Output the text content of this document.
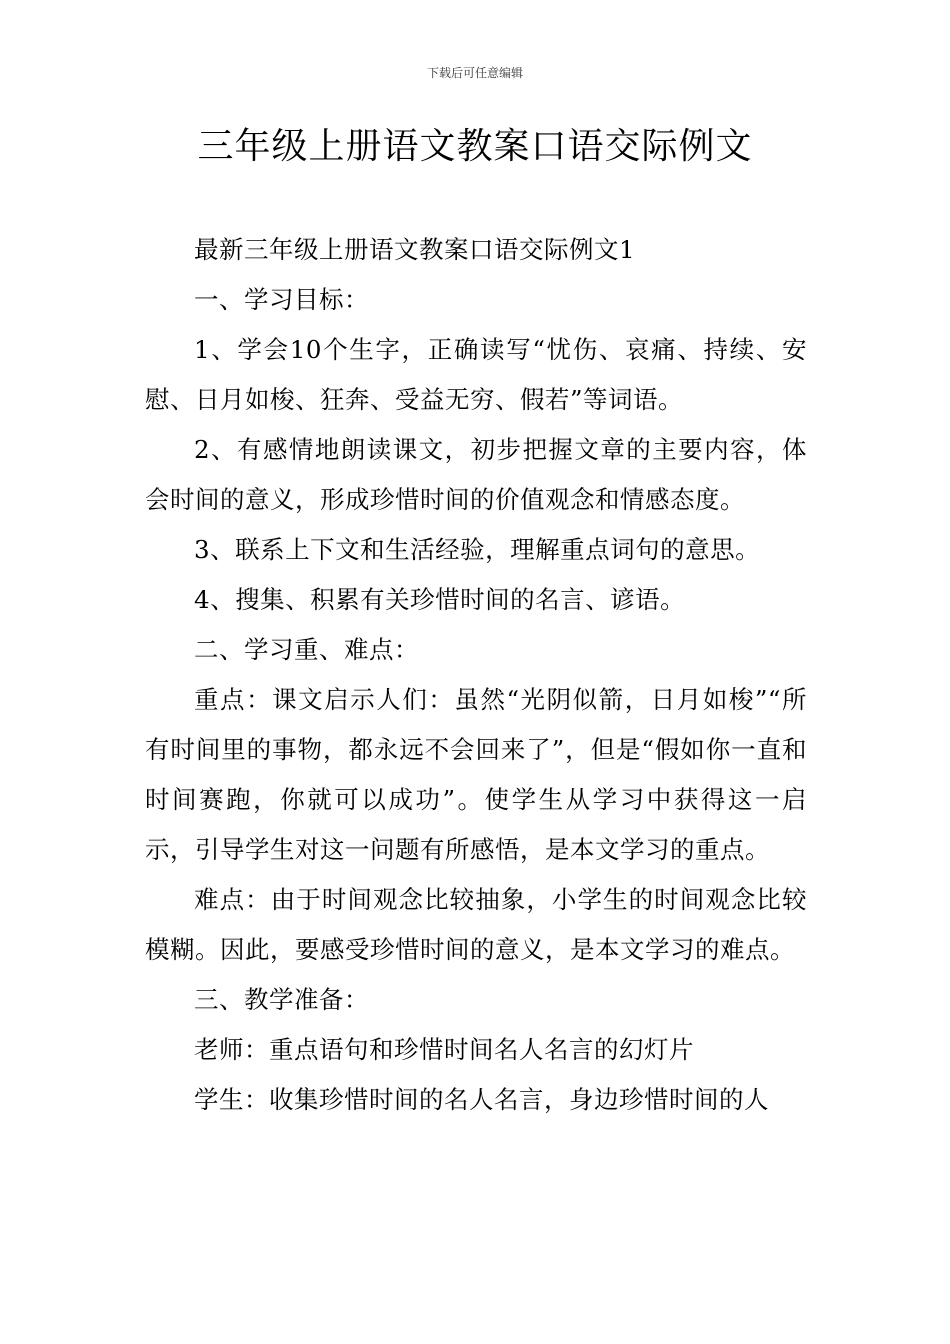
下载后可任意编辑
三年级上册语文教案口语交际例文

最新三年级上册语文教案口语交际例文1

一、学习目标：

1、学会10个生字，正确读写“忧伤、哀痛、持续、安慰、日月如梭、狂奔、受益无穷、假若”等词语。

2、有感情地朗读课文，初步把握文章的主要内容，体会时间的意义，形成珍惜时间的价值观念和情感态度。

3、联系上下文和生活经验，理解重点词句的意思。

4、搜集、积累有关珍惜时间的名言、谚语。

二、学习重、难点：

重点：课文启示人们：虽然“光阴似箭，日月如梭”“所有时间里的事物，都永远不会回来了”，但是“假如你一直和时间赛跑，你就可以成功”。使学生从学习中获得这一启示，引导学生对这一问题有所感悟，是本文学习的重点。

难点：由于时间观念比较抽象，小学生的时间观念比较模糊。因此，要感受珍惜时间的意义，是本文学习的难点。

三、教学准备：

老师：重点语句和珍惜时间名人名言的幻灯片

学生：收集珍惜时间的名人名言，身边珍惜时间的人
